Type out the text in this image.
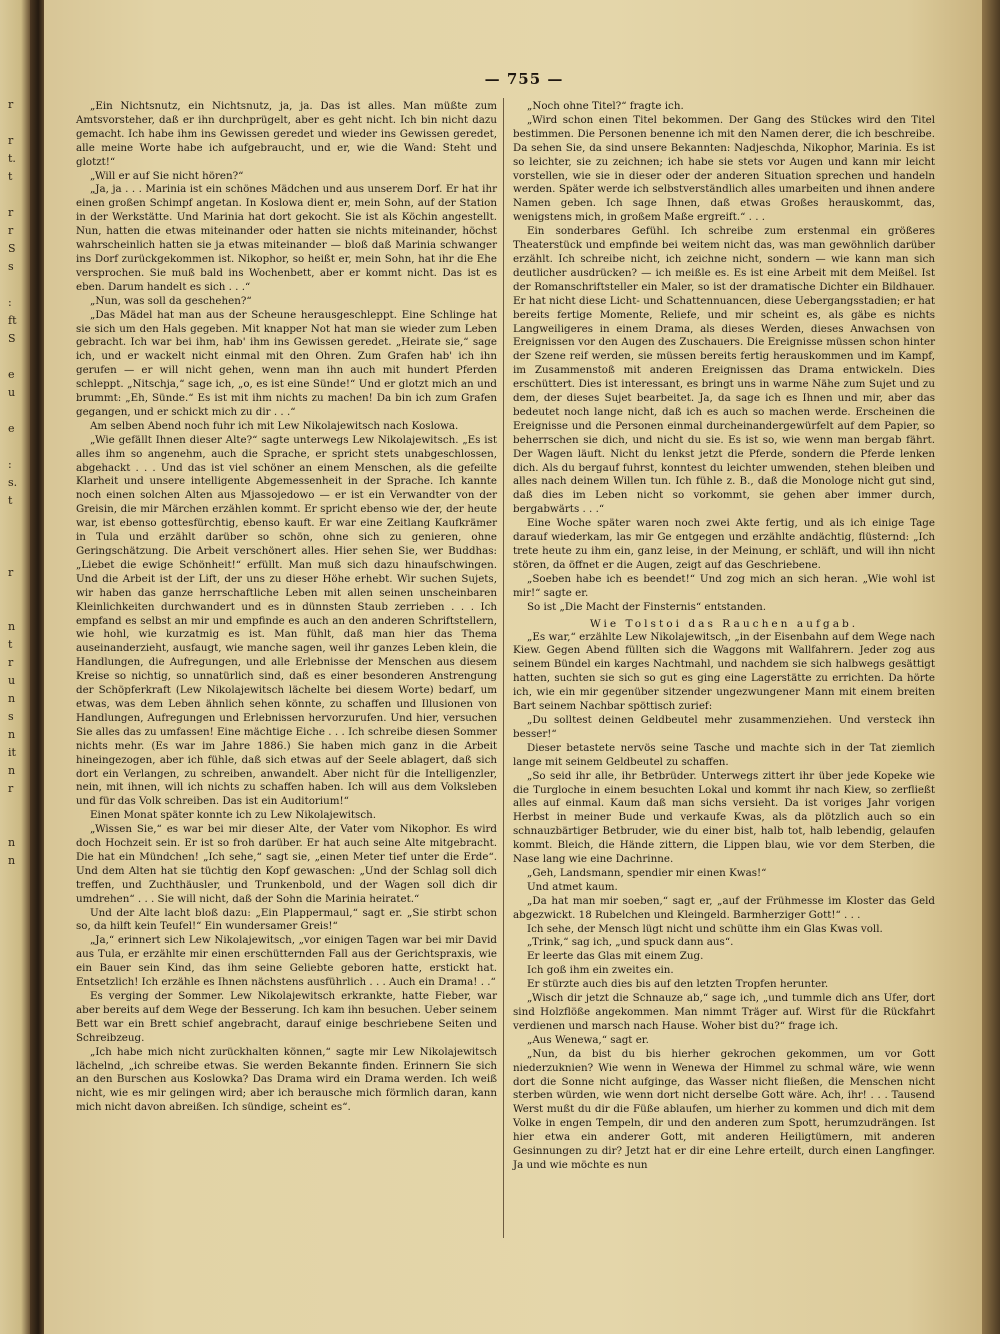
r

r
t.
t

r
r
S
s

:
ft
S

e
u

e

:
s.
t

r

n
t
r
u
n
s
n
it
n
r

n
n
— 755 —

„Ein Nichtsnutz, ein Nichtsnutz, ja, ja. Das ist alles. Man müßte zum Amtsvorsteher, daß er ihn durchprügelt, aber es geht nicht. Ich bin nicht dazu gemacht. Ich habe ihm ins Gewissen geredet und wieder ins Gewissen geredet, alle meine Worte habe ich aufgebraucht, und er, wie die Wand: Steht und glotzt!“

„Will er auf Sie nicht hören?“

„Ja, ja . . . Marinia ist ein schönes Mädchen und aus unserem Dorf. Er hat ihr einen großen Schimpf angetan. In Koslowa dient er, mein Sohn, auf der Station in der Werkstätte. Und Marinia hat dort gekocht. Sie ist als Köchin angestellt. Nun, hatten die etwas miteinander oder hatten sie nichts miteinander, höchst wahrscheinlich hatten sie ja etwas miteinander — bloß daß Marinia schwanger ins Dorf zurückgekommen ist. Nikophor, so heißt er, mein Sohn, hat ihr die Ehe versprochen. Sie muß bald ins Wochenbett, aber er kommt nicht. Das ist es eben. Darum handelt es sich . . .“

„Nun, was soll da geschehen?“

„Das Mädel hat man aus der Scheune herausgeschleppt. Eine Schlinge hat sie sich um den Hals gegeben. Mit knapper Not hat man sie wieder zum Leben gebracht. Ich war bei ihm, hab' ihm ins Gewissen geredet. „Heirate sie,“ sage ich, und er wackelt nicht einmal mit den Ohren. Zum Grafen hab' ich ihn gerufen — er will nicht gehen, wenn man ihn auch mit hundert Pferden schleppt. „Nitschja,“ sage ich, „o, es ist eine Sünde!“ Und er glotzt mich an und brummt: „Eh, Sünde.“ Es ist mit ihm nichts zu machen! Da bin ich zum Grafen gegangen, und er schickt mich zu dir . . .“

Am selben Abend noch fuhr ich mit Lew Nikolajewitsch nach Koslowa.

„Wie gefällt Ihnen dieser Alte?“ sagte unterwegs Lew Nikolajewitsch. „Es ist alles ihm so angenehm, auch die Sprache, er spricht stets unabgeschlossen, abgehackt . . . Und das ist viel schöner an einem Menschen, als die gefeilte Klarheit und unsere intelligente Abgemessenheit in der Sprache. Ich kannte noch einen solchen Alten aus Mjassojedowo — er ist ein Verwandter von der Greisin, die mir Märchen erzählen kommt. Er spricht ebenso wie der, der heute war, ist ebenso gottesfürchtig, ebenso kauft. Er war eine Zeitlang Kaufkrämer in Tula und erzählt darüber so schön, ohne sich zu genieren, ohne Geringschätzung. Die Arbeit verschönert alles. Hier sehen Sie, wer Buddhas: „Liebet die ewige Schönheit!“ erfüllt. Man muß sich dazu hinaufschwingen. Und die Arbeit ist der Lift, der uns zu dieser Höhe erhebt. Wir suchen Sujets, wir haben das ganze herrschaftliche Leben mit allen seinen unscheinbaren Kleinlichkeiten durchwandert und es in dünnsten Staub zerrieben . . . Ich empfand es selbst an mir und empfinde es auch an den anderen Schriftstellern, wie hohl, wie kurzatmig es ist. Man fühlt, daß man hier das Thema auseinanderzieht, ausfaugt, wie manche sagen, weil ihr ganzes Leben klein, die Handlungen, die Aufregungen, und alle Erlebnisse der Menschen aus diesem Kreise so nichtig, so unnatürlich sind, daß es einer besonderen Anstrengung der Schöpferkraft (Lew Nikolajewitsch lächelte bei diesem Worte) bedarf, um etwas, was dem Leben ähnlich sehen könnte, zu schaffen und Illusionen von Handlungen, Aufregungen und Erlebnissen hervorzurufen. Und hier, versuchen Sie alles das zu umfassen! Eine mächtige Eiche . . . Ich schreibe diesen Sommer nichts mehr. (Es war im Jahre 1886.) Sie haben mich ganz in die Arbeit hineingezogen, aber ich fühle, daß sich etwas auf der Seele ablagert, daß sich dort ein Verlangen, zu schreiben, anwandelt. Aber nicht für die Intelligenzler, nein, mit ihnen, will ich nichts zu schaffen haben. Ich will aus dem Volksleben und für das Volk schreiben. Das ist ein Auditorium!“

Einen Monat später konnte ich zu Lew Nikolajewitsch.

„Wissen Sie,“ es war bei mir dieser Alte, der Vater vom Nikophor. Es wird doch Hochzeit sein. Er ist so froh darüber. Er hat auch seine Alte mitgebracht. Die hat ein Mündchen! „Ich sehe,“ sagt sie, „einen Meter tief unter die Erde“. Und dem Alten hat sie tüchtig den Kopf gewaschen: „Und der Schlag soll dich treffen, und Zuchthäusler, und Trunkenbold, und der Wagen soll dich dir umdrehen“ . . . Sie will nicht, daß der Sohn die Marinia heiratet.“

Und der Alte lacht bloß dazu: „Ein Plappermaul,“ sagt er. „Sie stirbt schon so, da hilft kein Teufel!“ Ein wundersamer Greis!“

„Ja,“ erinnert sich Lew Nikolajewitsch, „vor einigen Tagen war bei mir David aus Tula, er erzählte mir einen erschütternden Fall aus der Gerichtspraxis, wie ein Bauer sein Kind, das ihm seine Geliebte geboren hatte, erstickt hat. Entsetzlich! Ich erzähle es Ihnen nächstens ausführlich . . . Auch ein Drama! . .“

Es verging der Sommer. Lew Nikolajewitsch erkrankte, hatte Fieber, war aber bereits auf dem Wege der Besserung. Ich kam ihn besuchen. Ueber seinem Bett war ein Brett schief angebracht, darauf einige beschriebene Seiten und Schreibzeug.

„Ich habe mich nicht zurückhalten können,“ sagte mir Lew Nikolajewitsch lächelnd, „ich schreibe etwas. Sie werden Bekannte finden. Erinnern Sie sich an den Burschen aus Koslowka? Das Drama wird ein Drama werden. Ich weiß nicht, wie es mir gelingen wird; aber ich berausche mich förmlich daran, kann mich nicht davon abreißen. Ich sündige, scheint es“.

„Noch ohne Titel?“ fragte ich.

„Wird schon einen Titel bekommen. Der Gang des Stückes wird den Titel bestimmen. Die Personen benenne ich mit den Namen derer, die ich beschreibe. Da sehen Sie, da sind unsere Bekannten: Nadjeschda, Nikophor, Marinia. Es ist so leichter, sie zu zeichnen; ich habe sie stets vor Augen und kann mir leicht vorstellen, wie sie in dieser oder der anderen Situation sprechen und handeln werden. Später werde ich selbstverständlich alles umarbeiten und ihnen andere Namen geben. Ich sage Ihnen, daß etwas Großes herauskommt, das, wenigstens mich, in großem Maße ergreift.“ . . .

Ein sonderbares Gefühl. Ich schreibe zum erstenmal ein größeres Theaterstück und empfinde bei weitem nicht das, was man gewöhnlich darüber erzählt. Ich schreibe nicht, ich zeichne nicht, sondern — wie kann man sich deutlicher ausdrücken? — ich meißle es. Es ist eine Arbeit mit dem Meißel. Ist der Romanschriftsteller ein Maler, so ist der dramatische Dichter ein Bildhauer. Er hat nicht diese Licht- und Schattennuancen, diese Uebergangsstadien; er hat bereits fertige Momente, Reliefe, und mir scheint es, als gäbe es nichts Langweiligeres in einem Drama, als dieses Werden, dieses Anwachsen von Ereignissen vor den Augen des Zuschauers. Die Ereignisse müssen schon hinter der Szene reif werden, sie müssen bereits fertig herauskommen und im Kampf, im Zusammenstoß mit anderen Ereignissen das Drama entwickeln. Dies erschüttert. Dies ist interessant, es bringt uns in warme Nähe zum Sujet und zu dem, der dieses Sujet bearbeitet. Ja, da sage ich es Ihnen und mir, aber das bedeutet noch lange nicht, daß ich es auch so machen werde. Erscheinen die Ereignisse und die Personen einmal durcheinandergewürfelt auf dem Papier, so beherrschen sie dich, und nicht du sie. Es ist so, wie wenn man bergab fährt. Der Wagen läuft. Nicht du lenkst jetzt die Pferde, sondern die Pferde lenken dich. Als du bergauf fuhrst, konntest du leichter umwenden, stehen bleiben und alles nach deinem Willen tun. Ich fühle z. B., daß die Monologe nicht gut sind, daß dies im Leben nicht so vorkommt, sie gehen aber immer durch, bergabwärts . . .“

Eine Woche später waren noch zwei Akte fertig, und als ich einige Tage darauf wiederkam, las mir Ge entgegen und erzählte andächtig, flüsternd: „Ich trete heute zu ihm ein, ganz leise, in der Meinung, er schläft, und will ihn nicht stören, da öffnet er die Augen, zeigt auf das Geschriebene.

„Soeben habe ich es beendet!“ Und zog mich an sich heran. „Wie wohl ist mir!“ sagte er.

So ist „Die Macht der Finsternis“ entstanden.

Wie Tolstoi das Rauchen aufgab.

„Es war,“ erzählte Lew Nikolajewitsch, „in der Eisenbahn auf dem Wege nach Kiew. Gegen Abend füllten sich die Waggons mit Wallfahrern. Jeder zog aus seinem Bündel ein karges Nachtmahl, und nachdem sie sich halbwegs gesättigt hatten, suchten sie sich so gut es ging eine Lagerstätte zu errichten. Da hörte ich, wie ein mir gegenüber sitzender ungezwungener Mann mit einem breiten Bart seinem Nachbar spöttisch zurief:

„Du solltest deinen Geldbeutel mehr zusammenziehen. Und versteck ihn besser!“

Dieser betastete nervös seine Tasche und machte sich in der Tat ziemlich lange mit seinem Geldbeutel zu schaffen.

„So seid ihr alle, ihr Betbrüder. Unterwegs zittert ihr über jede Kopeke wie die Turgloche in einem besuchten Lokal und kommt ihr nach Kiew, so zerfließt alles auf einmal. Kaum daß man sichs versieht. Da ist voriges Jahr vorigen Herbst in meiner Bude und verkaufe Kwas, als da plötzlich auch so ein schnauzbärtiger Betbruder, wie du einer bist, halb tot, halb lebendig, gelaufen kommt. Bleich, die Hände zittern, die Lippen blau, wie vor dem Sterben, die Nase lang wie eine Dachrinne.

„Geh, Landsmann, spendier mir einen Kwas!“

Und atmet kaum.

„Da hat man mir soeben,“ sagt er, „auf der Frühmesse im Kloster das Geld abgezwickt. 18 Rubelchen und Kleingeld. Barmherziger Gott!“ . . .

Ich sehe, der Mensch lügt nicht und schütte ihm ein Glas Kwas voll.

„Trink,“ sag ich, „und spuck dann aus“.

Er leerte das Glas mit einem Zug.

Ich goß ihm ein zweites ein.

Er stürzte auch dies bis auf den letzten Tropfen herunter.

„Wisch dir jetzt die Schnauze ab,“ sage ich, „und tummle dich ans Ufer, dort sind Holzflöße angekommen. Man nimmt Träger auf. Wirst für die Rückfahrt verdienen und marsch nach Hause. Woher bist du?“ frage ich.

„Aus Wenewa,“ sagt er.

„Nun, da bist du bis hierher gekrochen gekommen, um vor Gott niederzuknien? Wie wenn in Wenewa der Himmel zu schmal wäre, wie wenn dort die Sonne nicht aufginge, das Wasser nicht fließen, die Menschen nicht sterben würden, wie wenn dort nicht derselbe Gott wäre. Ach, ihr! . . . Tausend Werst mußt du dir die Füße ablaufen, um hierher zu kommen und dich mit dem Volke in engen Tempeln, dir und den anderen zum Spott, herumzudrängen. Ist hier etwa ein anderer Gott, mit anderen Heiligtümern, mit anderen Gesinnungen zu dir? Jetzt hat er dir eine Lehre erteilt, durch einen Langfinger. Ja und wie möchte es nun
